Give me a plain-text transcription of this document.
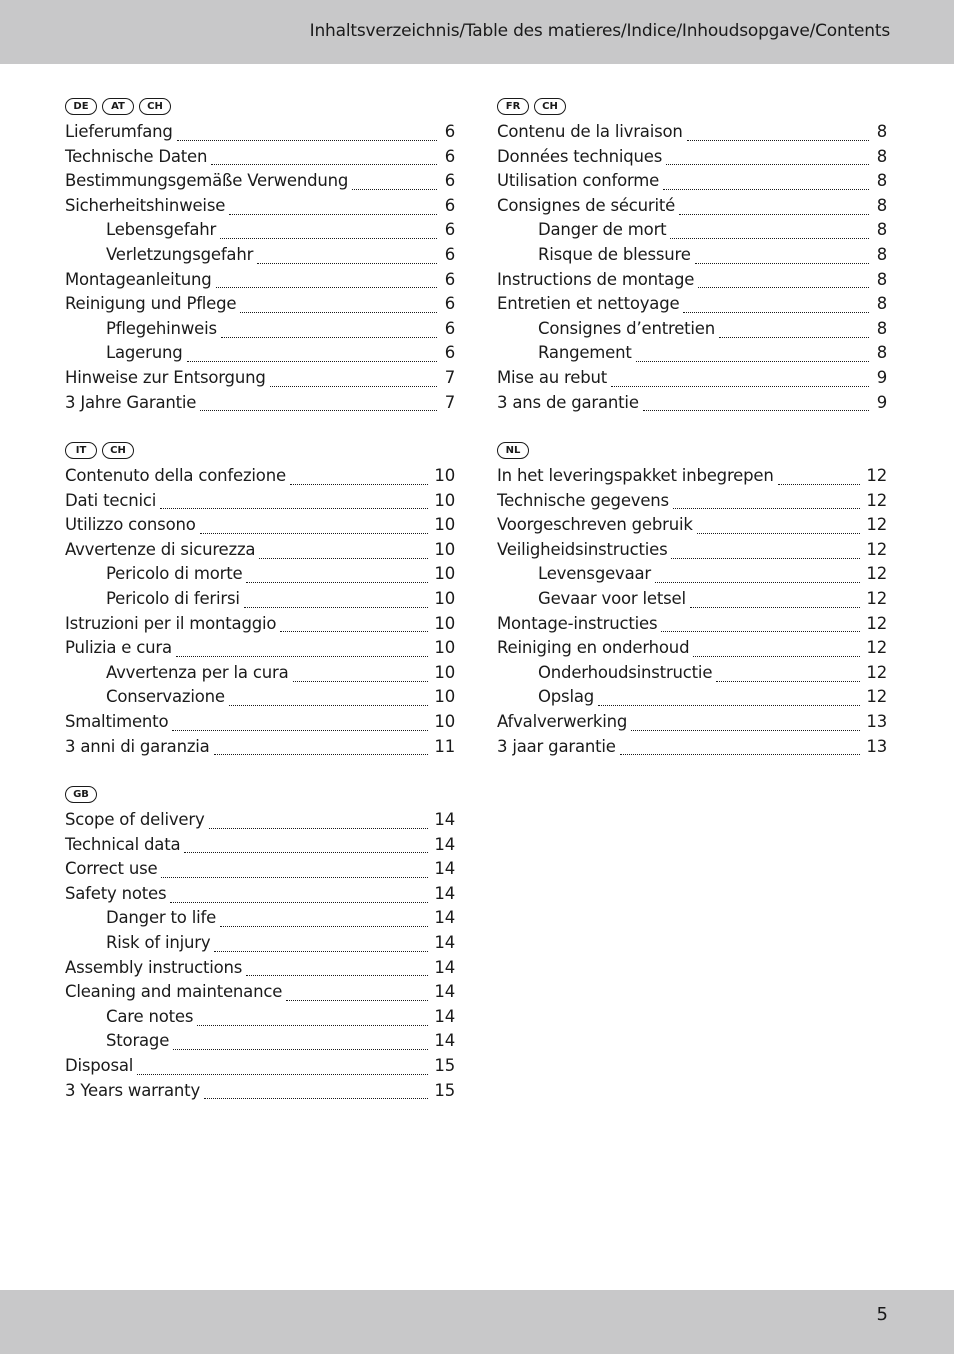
Inhaltsverzeichnis/Table des matieres/Indice/Inhoudsopgave/Contents
DE	AT	CH
Lieferumfang	6
Technische Daten	6
Bestimmungsgemäße Verwendung	6
Sicherheitshinweise	6
Lebensgefahr	6
Verletzungsgefahr	6
Montageanleitung	6
Reinigung und Pflege	6
Pflegehinweis	6
Lagerung	6
Hinweise zur Entsorgung	7
3 Jahre Garantie	7
IT	CH
Contenuto della confezione	10
Dati tecnici	10
Utilizzo consono	10
Avvertenze di sicurezza	10
Pericolo di morte	10
Pericolo di ferirsi	10
Istruzioni per il montaggio	10
Pulizia e cura	10
Avvertenza per la cura	10
Conservazione	10
Smaltimento	10
3 anni di garanzia	11
GB
Scope of delivery	14
Technical data	14
Correct use	14
Safety notes	14
Danger to life	14
Risk of injury	14
Assembly instructions	14
Cleaning and maintenance	14
Care notes	14
Storage	14
Disposal	15
3 Years warranty	15
FR	CH
Contenu de la livraison	8
Données techniques	8
Utilisation conforme	8
Consignes de sécurité	8
Danger de mort	8
Risque de blessure	8
Instructions de montage	8
Entretien et nettoyage	8
Consignes d’entretien	8
Rangement	8
Mise au rebut	9
3 ans de garantie	9
NL
In het leveringspakket inbegrepen	12
Technische gegevens	12
Voorgeschreven gebruik	12
Veiligheidsinstructies	12
Levensgevaar	12
Gevaar voor letsel	12
Montage-instructies	12
Reiniging en onderhoud	12
Onderhoudsinstructie	12
Opslag	12
Afvalverwerking	13
3 jaar garantie	13
5
